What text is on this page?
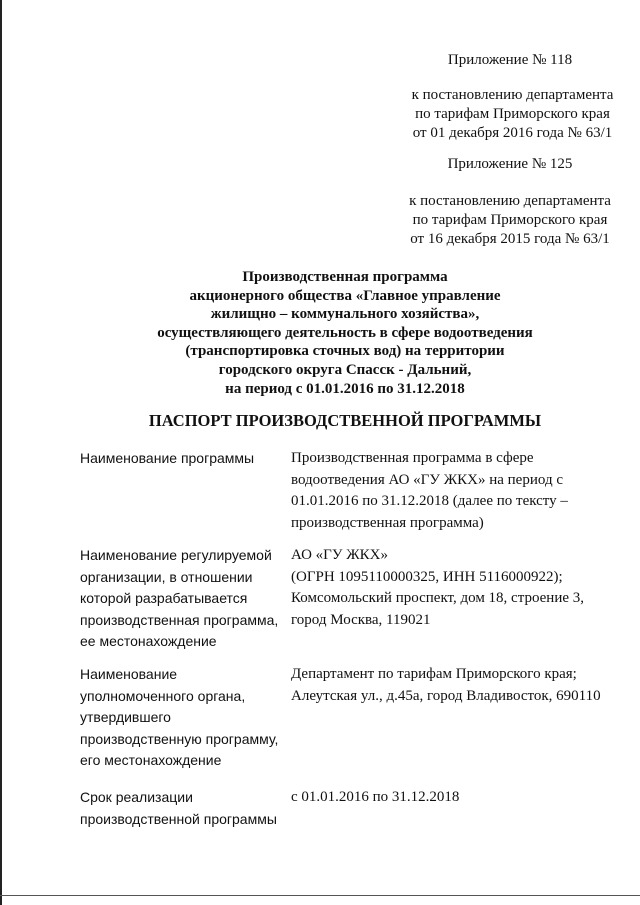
Приложение № 118
к постановлению департамента
по тарифам Приморского края
от 01 декабря 2016 года № 63/1
Приложение № 125
к постановлению департамента
по тарифам Приморского края
от 16 декабря 2015 года № 63/1
Производственная программа
акционерного общества «Главное управление
жилищно – коммунального хозяйства»,
осуществляющего деятельность в сфере водоотведения
(транспортировка сточных вод) на территории
городского округа Спасск - Дальний,
на период с 01.01.2016 по 31.12.2018
ПАСПОРТ ПРОИЗВОДСТВЕННОЙ ПРОГРАММЫ
Наименование программы	Производственная программа в сфере
водоотведения АО «ГУ ЖКХ» на период с
01.01.2016 по 31.12.2018 (далее по тексту –
производственная программа)
Наименование регулируемой
организации, в отношении
которой разрабатывается
производственная программа,
ее местонахождение
АО «ГУ ЖКХ»
(ОГРН 1095110000325, ИНН 5116000922);
Комсомольский проспект, дом 18, строение 3,
город Москва, 119021
Наименование
уполномоченного органа,
утвердившего
производственную программу,
его местонахождение
Департамент по тарифам Приморского края;
Алеутская ул., д.45а, город Владивосток, 690110
Срок реализации
производственной программы
с 01.01.2016 по 31.12.2018
